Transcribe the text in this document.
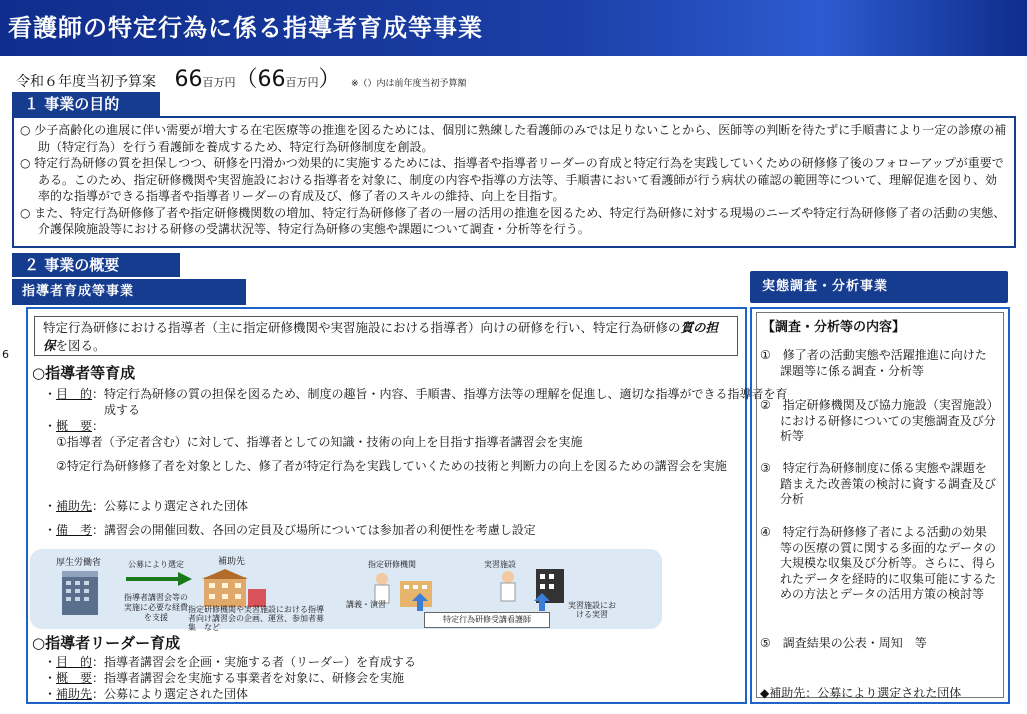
看護師の特定行為に係る指導者育成等事業
令和６年度当初予算案 66百万円（66百万円） ※（）内は前年度当初予算額
１ 事業の目的

○ 少子高齢化の進展に伴い需要が増大する在宅医療等の推進を図るためには、個別に熟練した看護師のみでは足りないことから、医師等の判断を待たずに手順書により一定の診療の補助（特定行為）を行う看護師を養成するため、特定行為研修制度を創設。

○ 特定行為研修の質を担保しつつ、研修を円滑かつ効果的に実施するためには、指導者や指導者リーダーの育成と特定行為を実践していくための研修修了後のフォローアップが重要である。このため、指定研修機関や実習施設における指導者を対象に、制度の内容や指導の方法等、手順書において看護師が行う病状の確認の範囲等について、理解促進を図り、効率的な指導ができる指導者や指導者リーダーの育成及び、修了者のスキルの維持、向上を目指す。

○ また、特定行為研修修了者や指定研修機関数の増加、特定行為研修修了者の一層の活用の推進を図るため、特定行為研修に対する現場のニーズや特定行為研修修了者の活動の実態、介護保険施設等における研修の受講状況等、特定行為研修の実態や課題について調査・分析等を行う。

２ 事業の概要
指導者育成等事業	実態調査・分析事業
6
特定行為研修における指導者（主に指定研修機関や実習施設における指導者）向けの研修を行い、特定行為研修の質の担保を図る。
○指導者等育成
・目　的：特定行為研修の質の担保を図るため、制度の趣旨・内容、手順書、指導方法等の理解を促進し、適切な指導ができる指導者を育成する
・概　要：
①指導者（予定者含む）に対して、指導者としての知識・技術の向上を目指す指導者講習会を実施
②特定行為研修修了者を対象とした、修了者が特定行為を実践していくための技術と判断力の向上を図るための講習会を実施
・補助先：公募により選定された団体
・備　考：講習会の開催回数、各回の定員及び場所については参加者の利便性を考慮し設定
厚生労働省	公募により選定
指導者講習会等の実施に必要な経費を支援
補助先
指定研修機関や実習施設における指導者向け講習会の企画、運営、参加者募集　など
指定研修機関
講義・演習
実習施設
実習施設における実習
特定行為研修受講看護師
○指導者リーダー育成
・目　的：指導者講習会を企画・実施する者（リーダー）を育成する
・概　要：指導者講習会を実施する事業者を対象に、研修会を実施
・補助先：公募により選定された団体
【調査・分析等の内容】

①　修了者の活動実態や活躍推進に向けた課題等に係る調査・分析等

②　指定研修機関及び協力施設（実習施設）における研修についての実態調査及び分析等

③　特定行為研修制度に係る実態や課題を踏まえた改善策の検討に資する調査及び分析

④　特定行為研修修了者による活動の効果等の医療の質に関する多面的なデータの大規模な収集及び分析等。さらに、得られたデータを経時的に収集可能にするための方法とデータの活用方策の検討等

⑤　調査結果の公表・周知　等

◆補助先：公募により選定された団体
